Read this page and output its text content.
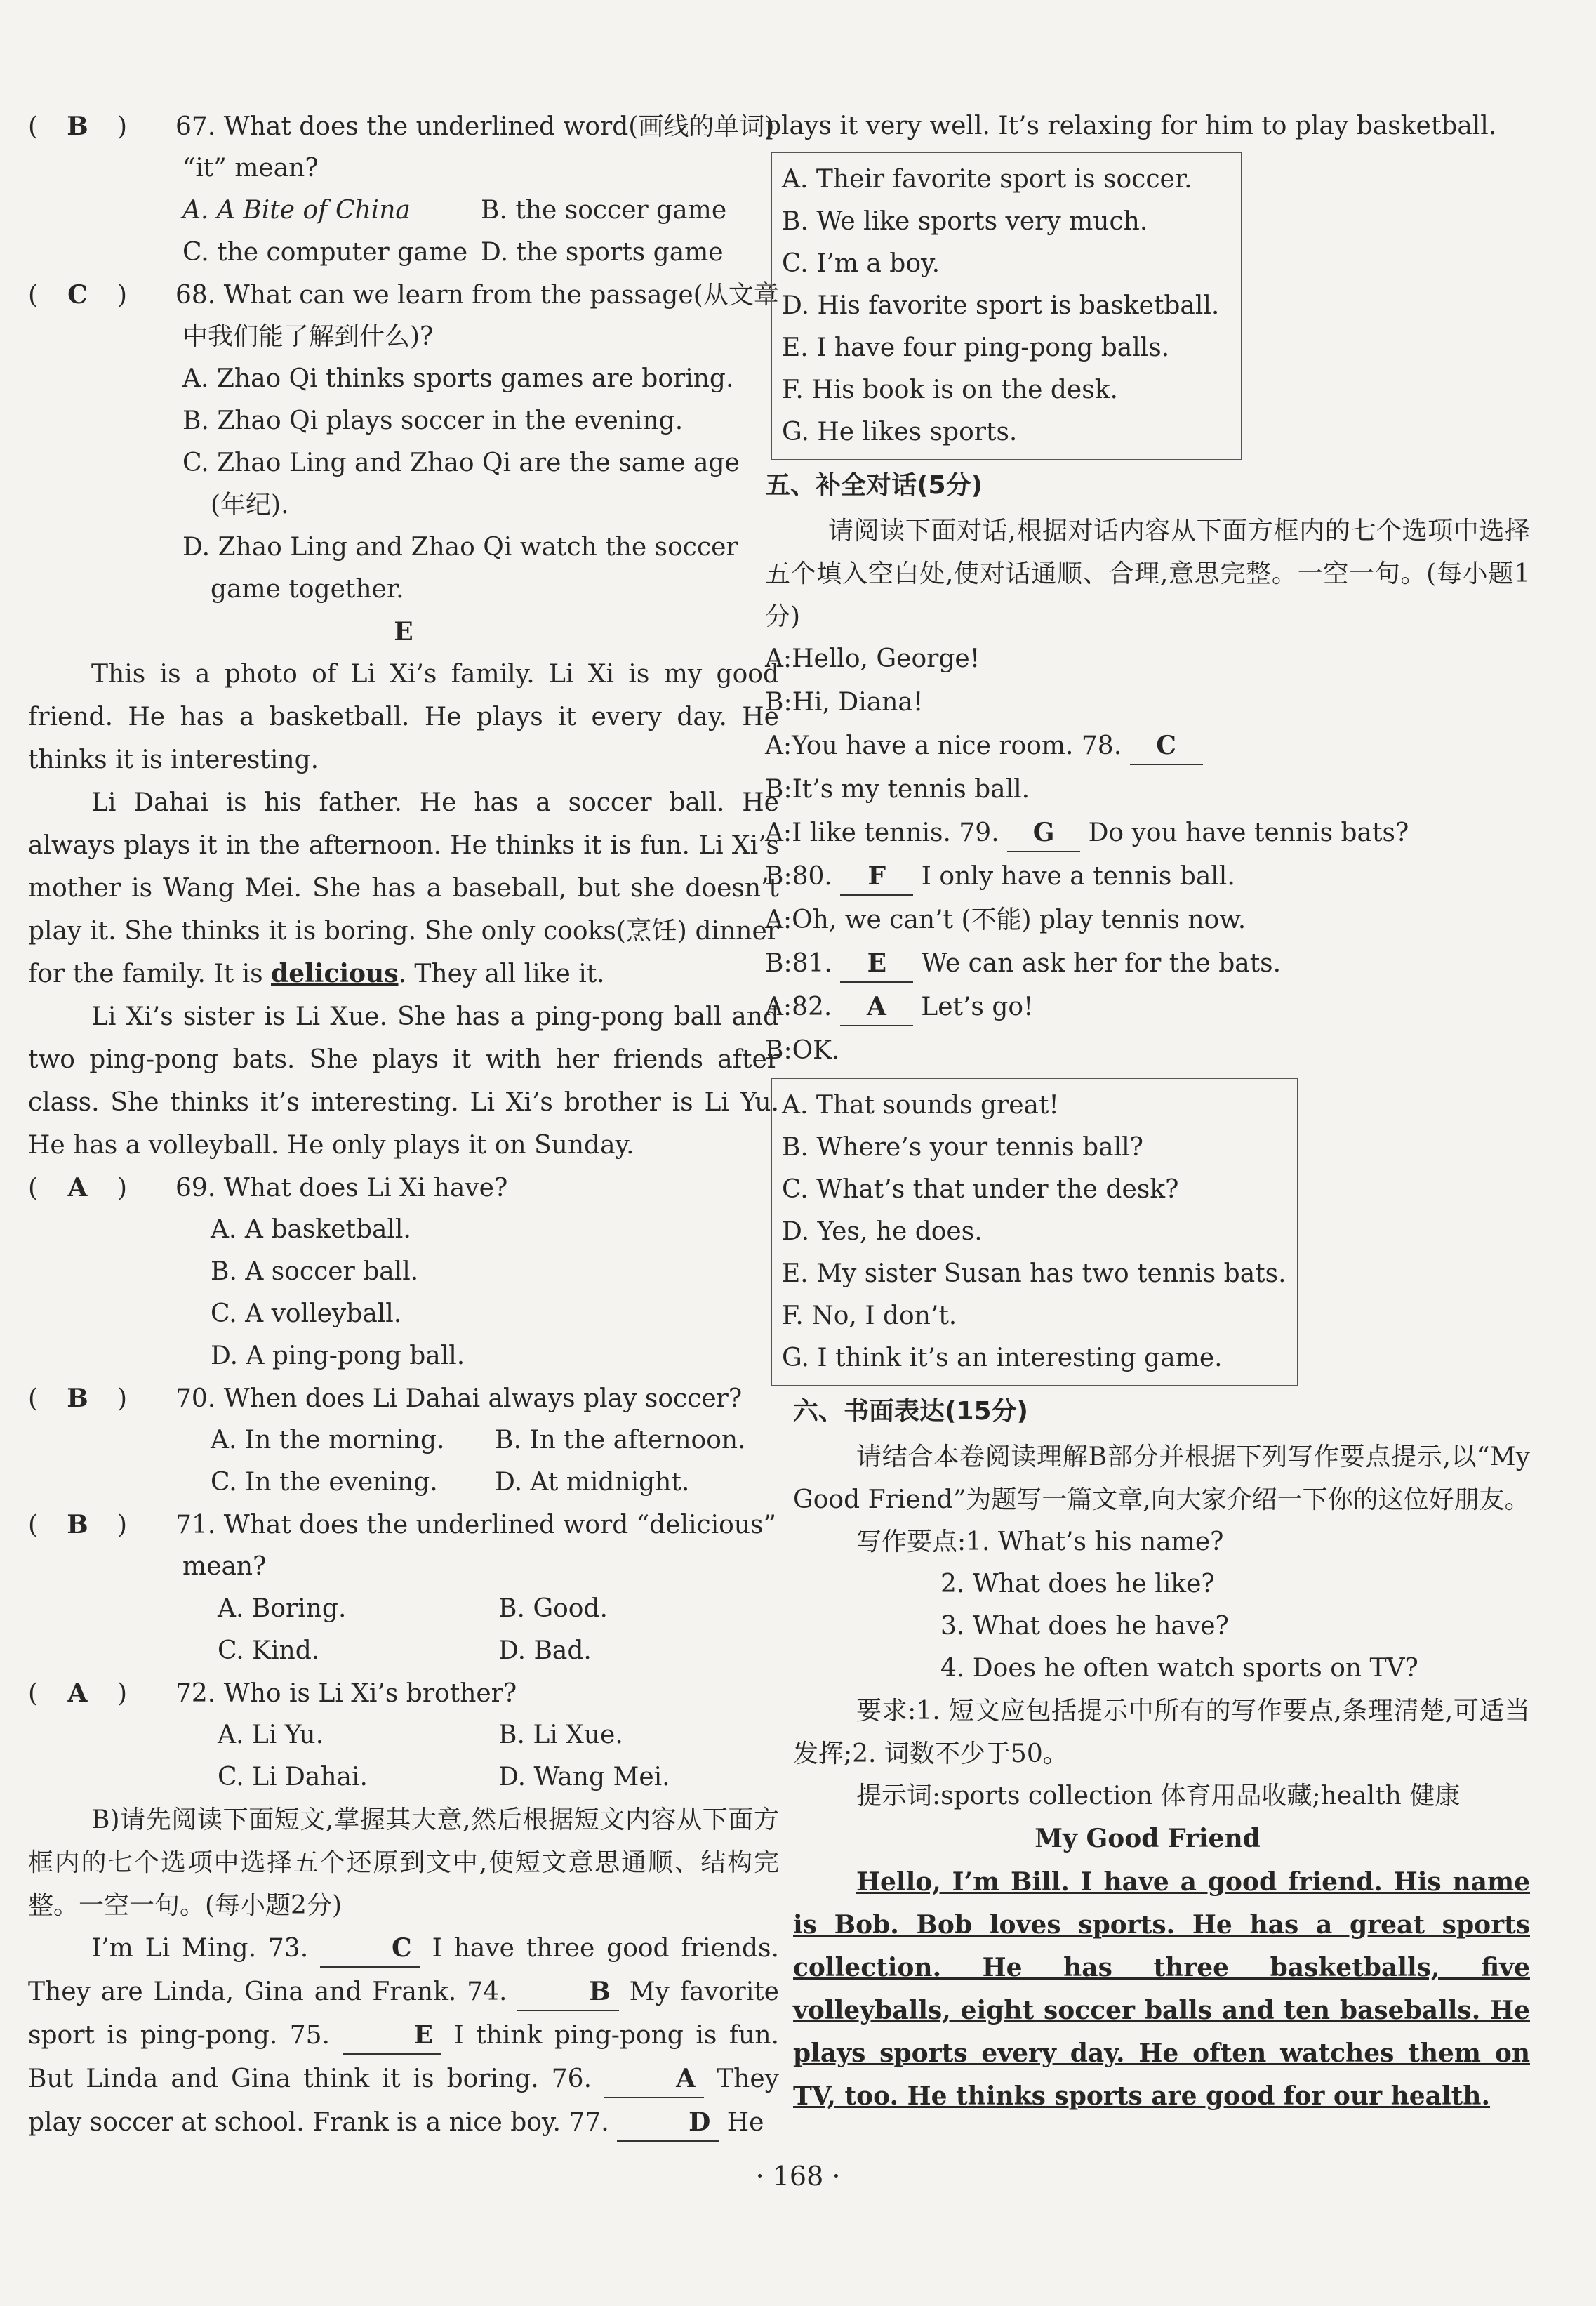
( B )	67. What does the underlined word(画线的单词)
“it” mean?
A. A Bite of China	B. the soccer game
C. the computer game D. the sports game
( C )	68. What can we learn from the passage(从文章
中我们能了解到什么)?
A. Zhao Qi thinks sports games are boring.
B. Zhao Qi plays soccer in the evening.
C. Zhao Ling and Zhao Qi are the same age
(年纪).
D. Zhao Ling and Zhao Qi watch the soccer
game together.
E
This is a photo of Li Xi’s family. Li Xi is my good friend. He has a basketball. He plays it every day. He thinks it is interesting.
Li Dahai is his father. He has a soccer ball. He always plays it in the afternoon. He thinks it is fun. Li Xi’s mother is Wang Mei. She has a baseball, but she doesn’t play it. She thinks it is boring. She only cooks(烹饪) dinner for the family. It is delicious. They all like it.
Li Xi’s sister is Li Xue. She has a ping-pong ball and two ping-pong bats. She plays it with her friends after class. She thinks it’s interesting. Li Xi’s brother is Li Yu. He has a volleyball. He only plays it on Sunday.
( A )	69. What does Li Xi have?
A. A basketball.
B. A soccer ball.
C. A volleyball.
D. A ping-pong ball.
( B )	70. When does Li Dahai always play soccer?
A. In the morning.	B. In the afternoon.
C. In the evening.	D. At midnight.
( B )	71. What does the underlined word “delicious”
mean?
A. Boring.	B. Good.
C. Kind.	D. Bad.
( A )	72. Who is Li Xi’s brother?
A. Li Yu.	B. Li Xue.
C. Li Dahai.	D. Wang Mei.
B)请先阅读下面短文,掌握其大意,然后根据短文内容从下面方框内的七个选项中选择五个还原到文中,使短文意思通顺、结构完整。一空一句。(每小题2分)
I’m Li Ming. 73.	C I have three good friends. They are Linda, Gina and Frank. 74.	B My favorite sport is ping-pong. 75.	E I think ping-pong is fun. But Linda and Gina think it is boring. 76.	A They play soccer at school. Frank is a nice boy. 77.	D He
plays it very well. It’s relaxing for him to play basketball.
A. Their favorite sport is soccer.
B. We like sports very much.
C. I’m a boy.
D. His favorite sport is basketball.
E. I have four ping-pong balls.
F. His book is on the desk.
G. He likes sports.
五、补全对话(5分)
请阅读下面对话,根据对话内容从下面方框内的七个选项中选择五个填入空白处,使对话通顺、合理,意思完整。一空一句。(每小题1分)
A:Hello, George!
B:Hi, Diana!
A:You have a nice room. 78. C
B:It’s my tennis ball.
A:I like tennis. 79. G Do you have tennis bats?
B:80. F I only have a tennis ball.
A:Oh, we can’t (不能) play tennis now.
B:81. E We can ask her for the bats.
A:82. A Let’s go!
B:OK.
A. That sounds great!
B. Where’s your tennis ball?
C. What’s that under the desk?
D. Yes, he does.
E. My sister Susan has two tennis bats.
F. No, I don’t.
G. I think it’s an interesting game.
六、书面表达(15分)
请结合本卷阅读理解B部分并根据下列写作要点提示,以“My Good Friend”为题写一篇文章,向大家介绍一下你的这位好朋友。
写作要点:1. What’s his name?
2. What does he like?
3. What does he have?
4. Does he often watch sports on TV?
要求:1. 短文应包括提示中所有的写作要点,条理清楚,可适当发挥;2. 词数不少于50。
提示词:sports collection 体育用品收藏;health 健康
My Good Friend
Hello, I’m Bill. I have a good friend. His name is Bob. Bob loves sports. He has a great sports collection. He has three basketballs, five volleyballs, eight soccer balls and ten baseballs. He plays sports every day. He often watches them on TV, too. He thinks sports are good for our health.
· 168 ·
